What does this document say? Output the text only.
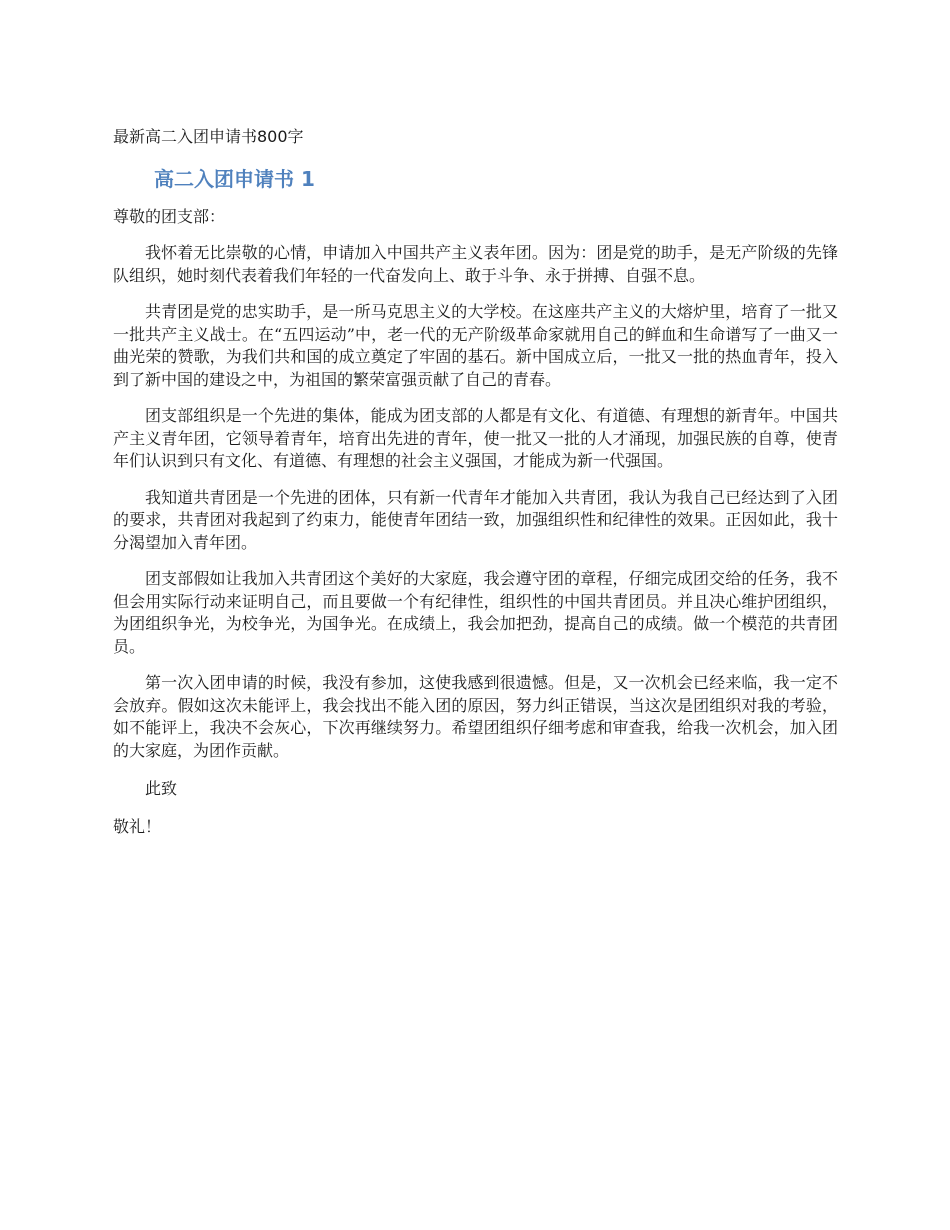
最新高二入团申请书800字

高二入团申请书 1

尊敬的团支部：

我怀着无比崇敬的心情，申请加入中国共产主义表年团。因为：团是党的助手，是无产阶级的先锋队组织，她时刻代表着我们年轻的一代奋发向上、敢于斗争、永于拼搏、自强不息。

共青团是党的忠实助手，是一所马克思主义的大学校。在这座共产主义的大熔炉里，培育了一批又一批共产主义战士。在“五四运动”中，老一代的无产阶级革命家就用自己的鲜血和生命谱写了一曲又一曲光荣的赞歌，为我们共和国的成立奠定了牢固的基石。新中国成立后，一批又一批的热血青年，投入到了新中国的建设之中，为祖国的繁荣富强贡献了自己的青春。

团支部组织是一个先进的集体，能成为团支部的人都是有文化、有道德、有理想的新青年。中国共产主义青年团，它领导着青年，培育出先进的青年，使一批又一批的人才涌现，加强民族的自尊，使青年们认识到只有文化、有道德、有理想的社会主义强国，才能成为新一代强国。

我知道共青团是一个先进的团体，只有新一代青年才能加入共青团，我认为我自己已经达到了入团的要求，共青团对我起到了约束力，能使青年团结一致，加强组织性和纪律性的效果。正因如此，我十分渴望加入青年团。

团支部假如让我加入共青团这个美好的大家庭，我会遵守团的章程，仔细完成团交给的任务，我不但会用实际行动来证明自己，而且要做一个有纪律性，组织性的中国共青团员。并且决心维护团组织，为团组织争光，为校争光，为国争光。在成绩上，我会加把劲，提高自己的成绩。做一个模范的共青团员。

第一次入团申请的时候，我没有参加，这使我感到很遗憾。但是，又一次机会已经来临，我一定不会放弃。假如这次未能评上，我会找出不能入团的原因，努力纠正错误，当这次是团组织对我的考验，如不能评上，我决不会灰心，下次再继续努力。希望团组织仔细考虑和审查我，给我一次机会，加入团的大家庭，为团作贡献。

此致

敬礼！
